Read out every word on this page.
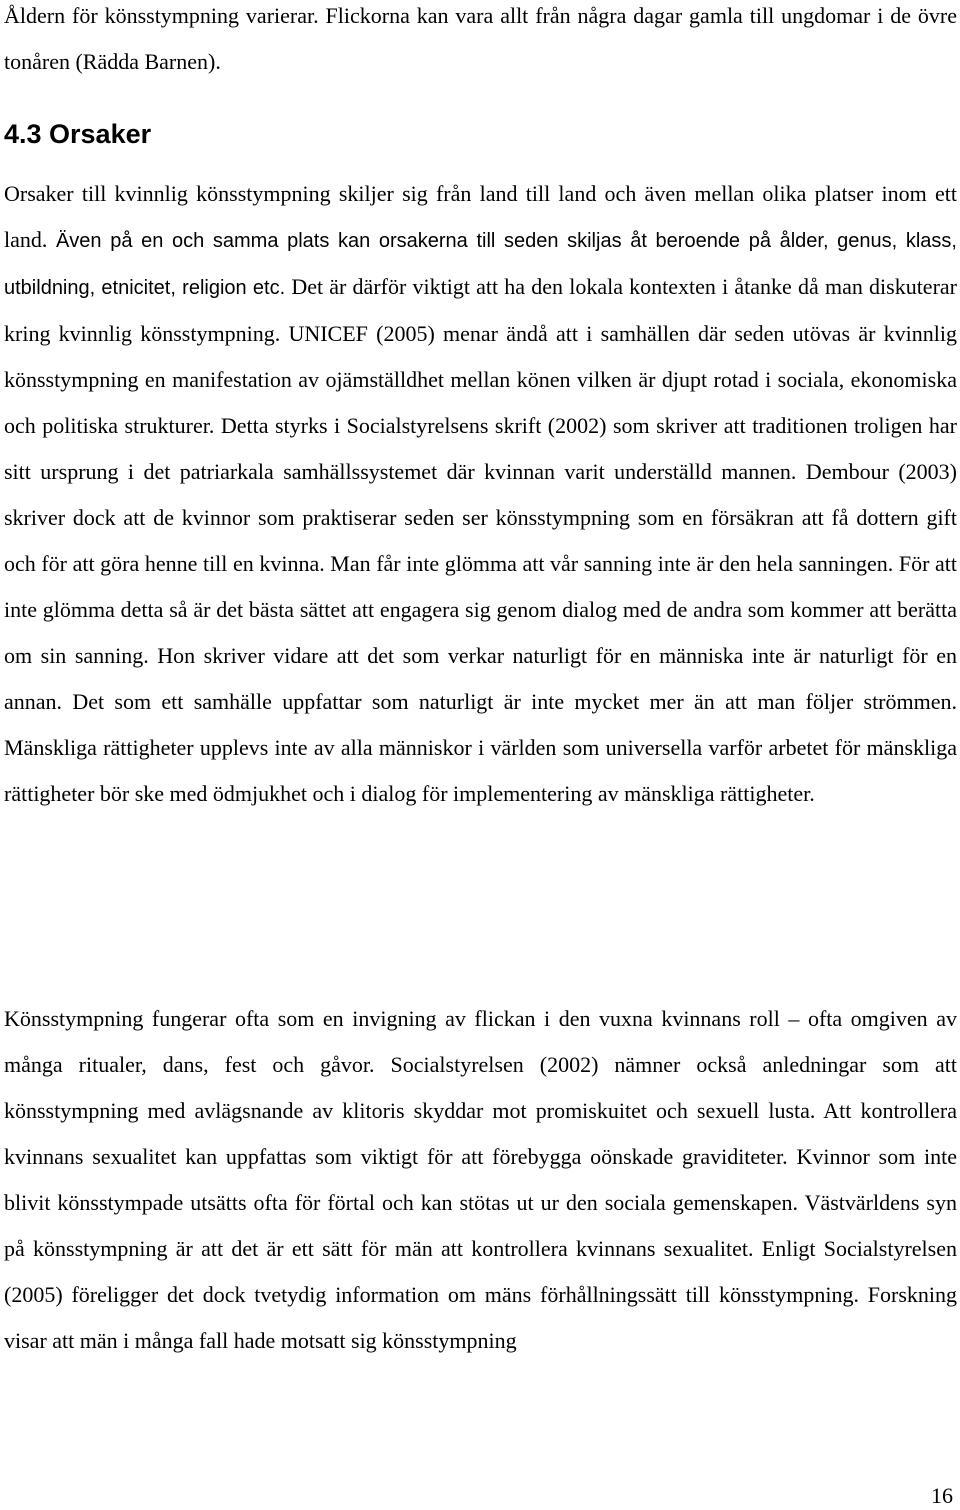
Åldern för könsstympning varierar. Flickorna kan vara allt från några dagar gamla till ungdomar i de övre tonåren (Rädda Barnen).

4.3 Orsaker

Orsaker till kvinnlig könsstympning skiljer sig från land till land och även mellan olika platser inom ett land. Även på en och samma plats kan orsakerna till seden skiljas åt beroende på ålder, genus, klass, utbildning, etnicitet, religion etc. Det är därför viktigt att ha den lokala kontexten i åtanke då man diskuterar kring kvinnlig könsstympning. UNICEF (2005) menar ändå att i samhällen där seden utövas är kvinnlig könsstympning en manifestation av ojämställdhet mellan könen vilken är djupt rotad i sociala, ekonomiska och politiska strukturer. Detta styrks i Socialstyrelsens skrift (2002) som skriver att traditionen troligen har sitt ursprung i det patriarkala samhällssystemet där kvinnan varit underställd mannen. Dembour (2003) skriver dock att de kvinnor som praktiserar seden ser könsstympning som en försäkran att få dottern gift och för att göra henne till en kvinna. Man får inte glömma att vår sanning inte är den hela sanningen. För att inte glömma detta så är det bästa sättet att engagera sig genom dialog med de andra som kommer att berätta om sin sanning. Hon skriver vidare att det som verkar naturligt för en människa inte är naturligt för en annan. Det som ett samhälle uppfattar som naturligt är inte mycket mer än att man följer strömmen. Mänskliga rättigheter upplevs inte av alla människor i världen som universella varför arbetet för mänskliga rättigheter bör ske med ödmjukhet och i dialog för implementering av mänskliga rättigheter.

Könsstympning fungerar ofta som en invigning av flickan i den vuxna kvinnans roll – ofta omgiven av många ritualer, dans, fest och gåvor. Socialstyrelsen (2002) nämner också anledningar som att könsstympning med avlägsnande av klitoris skyddar mot promiskuitet och sexuell lusta. Att kontrollera kvinnans sexualitet kan uppfattas som viktigt för att förebygga oönskade graviditeter. Kvinnor som inte blivit könsstympade utsätts ofta för förtal och kan stötas ut ur den sociala gemenskapen. Västvärldens syn på könsstympning är att det är ett sätt för män att kontrollera kvinnans sexualitet. Enligt Socialstyrelsen (2005) föreligger det dock tvetydig information om mäns förhållningssätt till könsstympning. Forskning visar att män i många fall hade motsatt sig könsstympning

16
